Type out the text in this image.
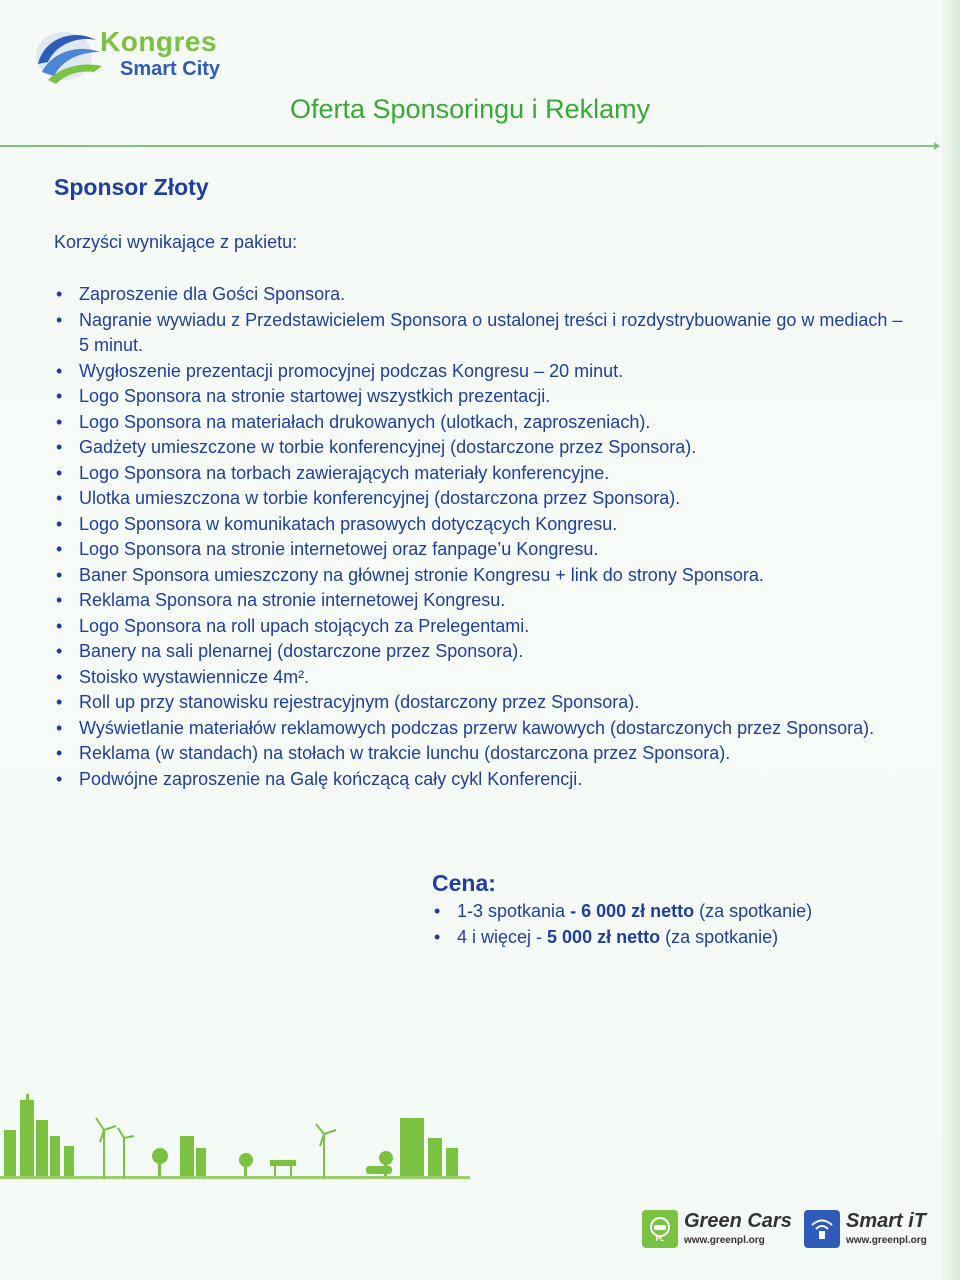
Kongres
Smart City
Oferta Sponsoringu i Reklamy
Sponsor Złoty
Korzyści wynikające z pakietu:
• Zaproszenie dla Gości Sponsora.
• Nagranie wywiadu z Przedstawicielem Sponsora o ustalonej treści i rozdystrybuowanie go w mediach – 5 minut.
• Wygłoszenie prezentacji promocyjnej podczas Kongresu – 20 minut.
• Logo Sponsora na stronie startowej wszystkich prezentacji.
• Logo Sponsora na materiałach drukowanych (ulotkach, zaproszeniach).
• Gadżety umieszczone w torbie konferencyjnej (dostarczone przez Sponsora).
• Logo Sponsora na torbach zawierających materiały konferencyjne.
• Ulotka umieszczona w torbie konferencyjnej (dostarczona przez Sponsora).
• Logo Sponsora w komunikatach prasowych dotyczących Kongresu.
• Logo Sponsora na stronie internetowej oraz fanpage’u Kongresu.
• Baner Sponsora umieszczony na głównej stronie Kongresu + link do strony Sponsora.
• Reklama Sponsora na stronie internetowej Kongresu.
• Logo Sponsora na roll upach stojących za Prelegentami.
• Banery na sali plenarnej (dostarczone przez Sponsora).
• Stoisko wystawiennicze 4m².
• Roll up przy stanowisku rejestracyjnym (dostarczony przez Sponsora).
• Wyświetlanie materiałów reklamowych podczas przerw kawowych (dostarczonych przez Sponsora).
• Reklama (w standach) na stołach w trakcie lunchu (dostarczona przez Sponsora).
• Podwójne zaproszenie na Galę kończącą cały cykl Konferencji.
Cena:
• 1-3 spotkania - 6 000 zł netto (za spotkanie)
• 4 i więcej - 5 000 zł netto (za spotkanie)
PL
Green Cars
www.greenpl.org
Smart iT
www.greenpl.org
